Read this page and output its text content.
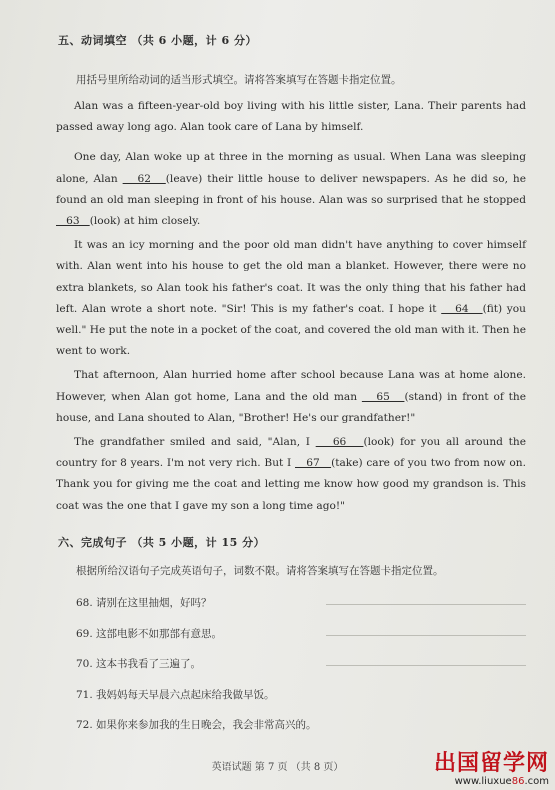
五、动词填空 （共 6 小题，计 6 分）
用括号里所给动词的适当形式填空。请将答案填写在答题卡指定位置。

Alan was a fifteen-year-old boy living with his little sister, Lana. Their parents had passed away long ago. Alan took care of Lana by himself.

One day, Alan woke up at three in the morning as usual. When Lana was sleeping alone, Alan    62   (leave) their little house to deliver newspapers. As he did so, he found an old man sleeping in front of his house. Alan was so surprised that he stopped    63   (look) at him closely.

It was an icy morning and the poor old man didn't have anything to cover himself with. Alan went into his house to get the old man a blanket. However, there were no extra blankets, so Alan took his father's coat. It was the only thing that his father had left. Alan wrote a short note. "Sir! This is my father's coat. I hope it    64   (fit) you well." He put the note in a pocket of the coat, and covered the old man with it. Then he went to work.

That afternoon, Alan hurried home after school because Lana was at home alone. However, when Alan got home, Lana and the old man    65   (stand) in front of the house, and Lana shouted to Alan, "Brother! He's our grandfather!"

The grandfather smiled and said, "Alan, I    66   (look) for you all around the country for 8 years. I'm not very rich. But I    67   (take) care of you two from now on. Thank you for giving me the coat and letting me know how good my grandson is. This coat was the one that I gave my son a long time ago!"

六、完成句子 （共 5 小题，计 15 分）
根据所给汉语句子完成英语句子，词数不限。请将答案填写在答题卡指定位置。
68. 请别在这里抽烟，好吗？
69. 这部电影不如那部有意思。
70. 这本书我看了三遍了。
71. 我妈妈每天早晨六点起床给我做早饭。
72. 如果你来参加我的生日晚会，我会非常高兴的。
英语试题 第 7 页 （共 8 页）	出国留学网
www.liuxue86.com
